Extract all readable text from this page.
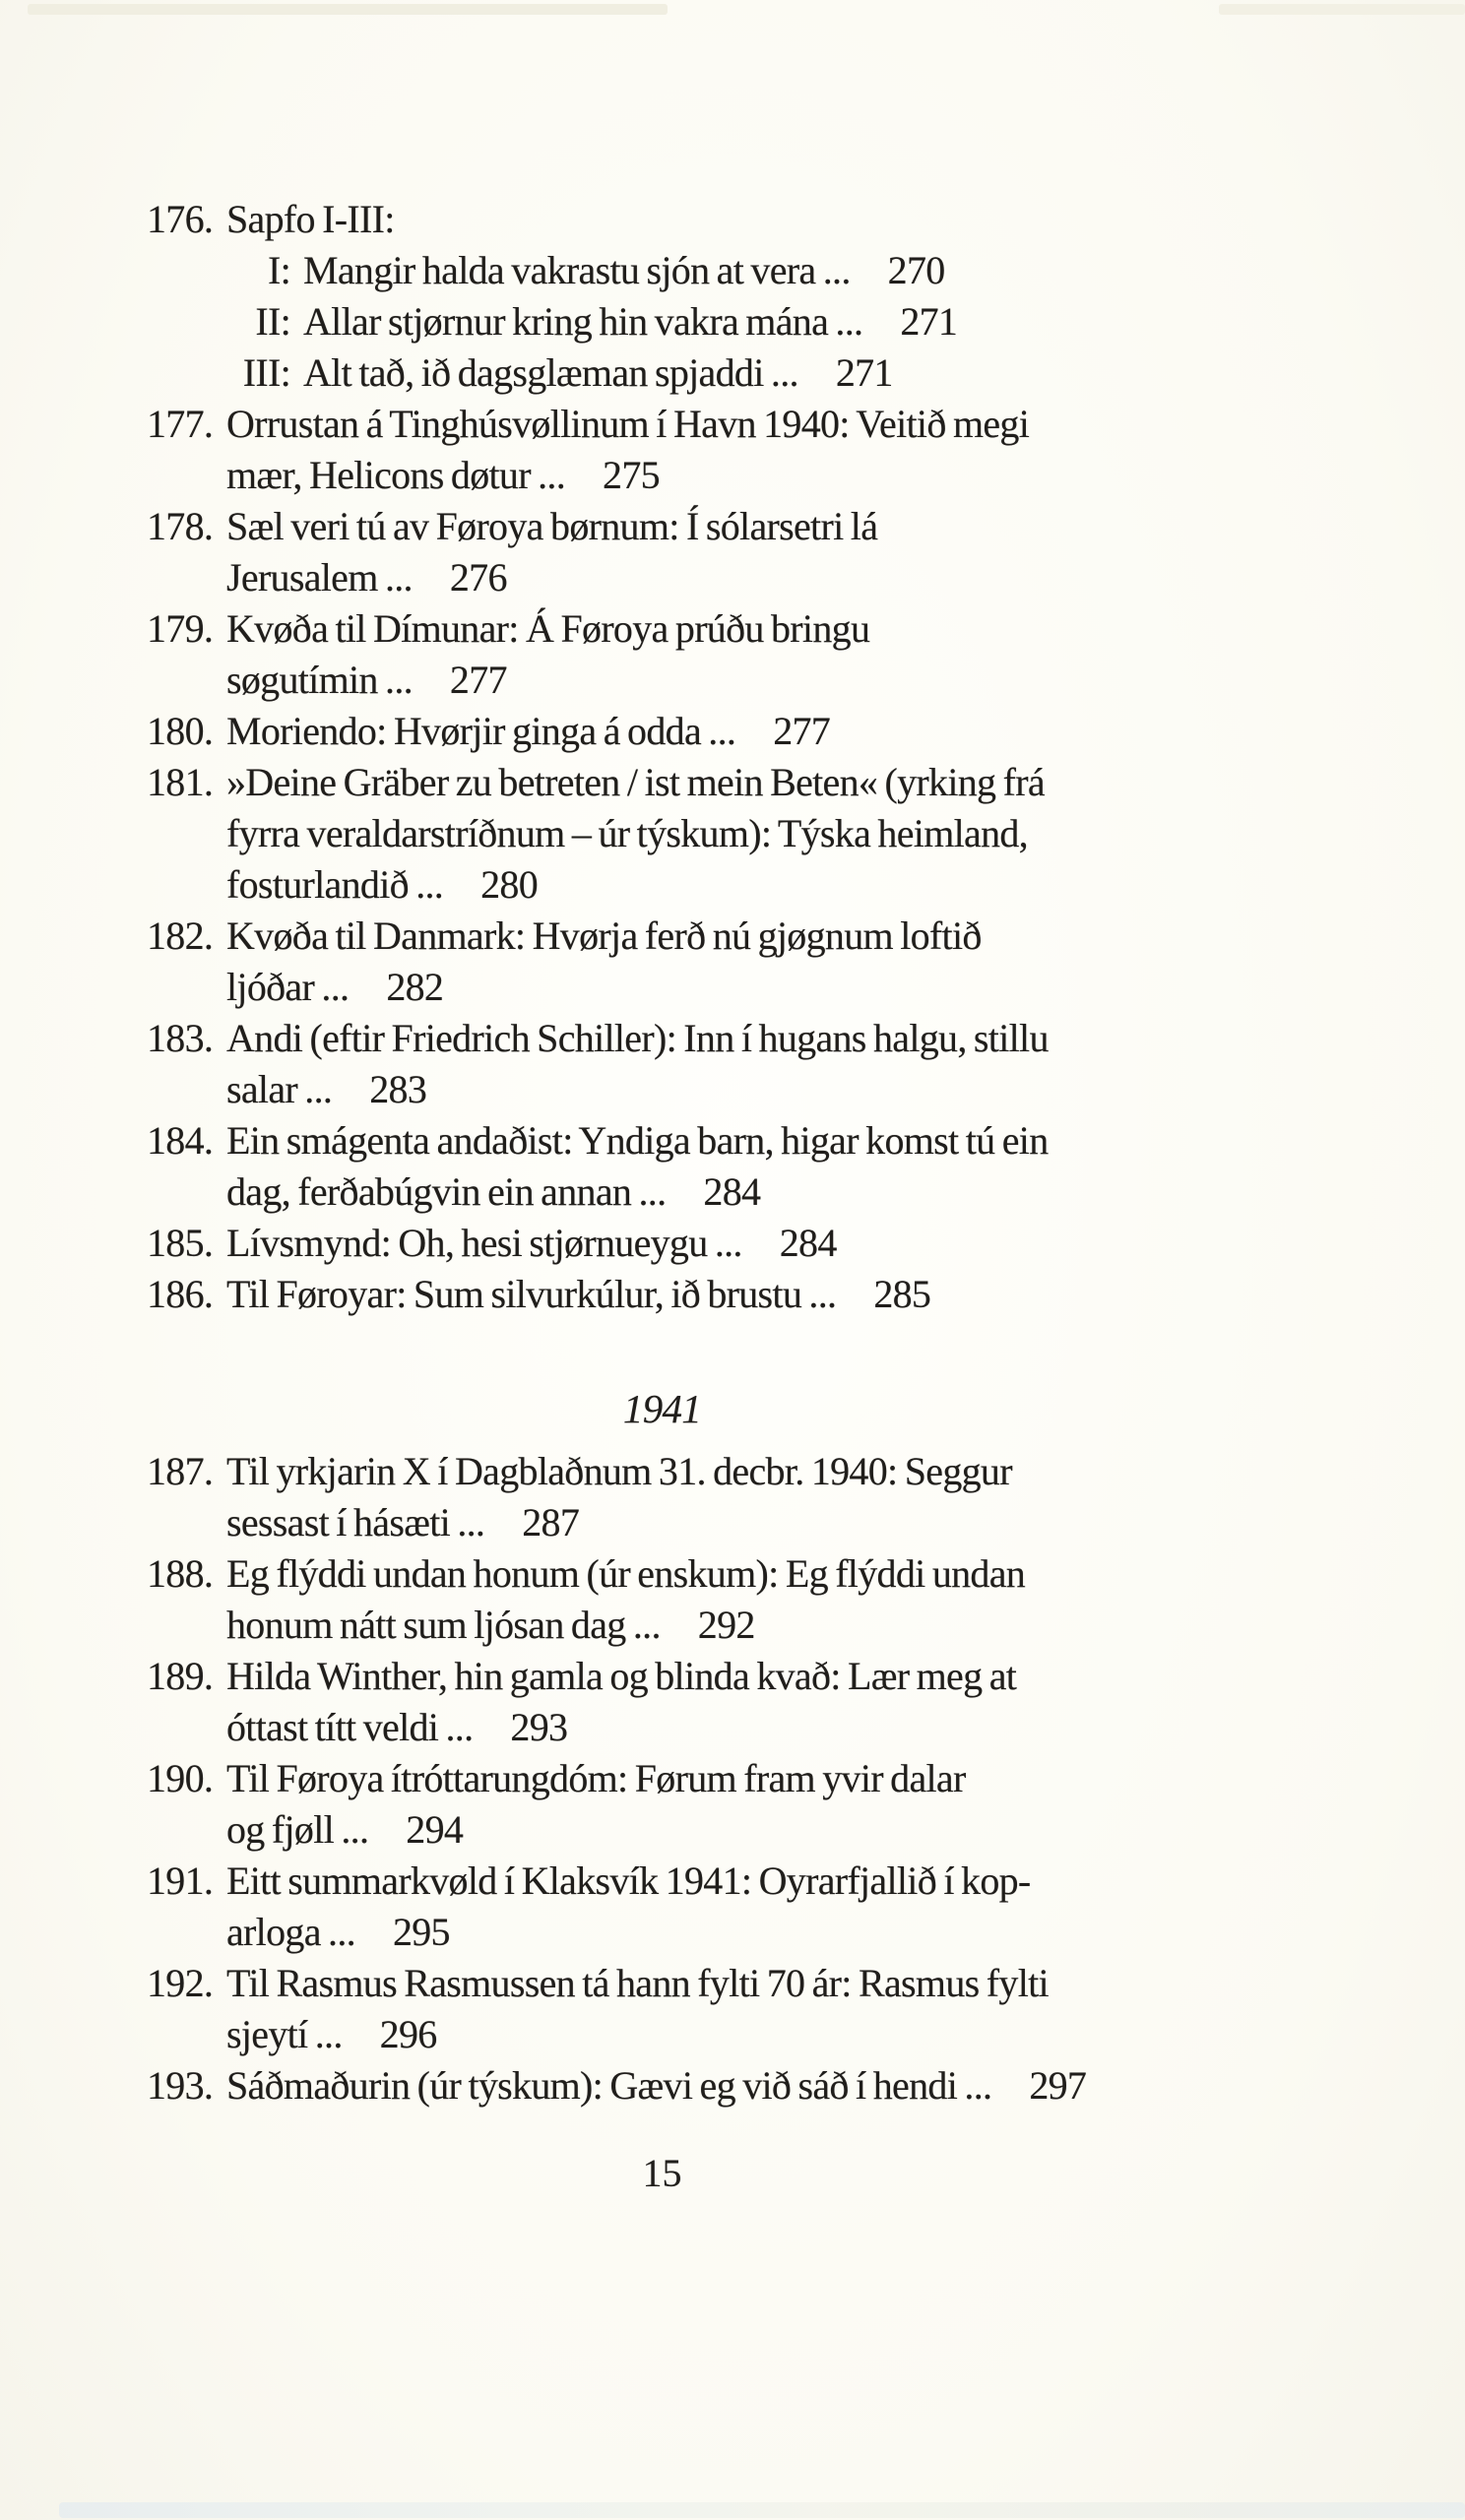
176. Sapfo I-III:
I: Mangir halda vakrastu sjón at vera ... 270
II: Allar stjørnur kring hin vakra mána ... 271
III: Alt tað, ið dagsglæman spjaddi ... 271
177. Orrustan á Tinghúsvøllinum í Havn 1940: Veitið megi
mær, Helicons døtur ... 275
178. Sæl veri tú av Føroya børnum: Í sólarsetri lá
Jerusalem ... 276
179. Kvøða til Dímunar: Á Føroya prúðu bringu
søgutímin ... 277
180. Moriendo: Hvørjir ginga á odda ... 277
181. »Deine Gräber zu betreten / ist mein Beten« (yrking frá
fyrra veraldarstríðnum – úr týskum): Týska heimland,
fosturlandið ... 280
182. Kvøða til Danmark: Hvørja ferð nú gjøgnum loftið
ljóðar ... 282
183. Andi (eftir Friedrich Schiller): Inn í hugans halgu, stillu
salar ... 283
184. Ein smágenta andaðist: Yndiga barn, higar komst tú ein
dag, ferðabúgvin ein annan ... 284
185. Lívsmynd: Oh, hesi stjørnueygu ... 284
186. Til Føroyar: Sum silvurkúlur, ið brustu ... 285
1941
187. Til yrkjarin X í Dagblaðnum 31. decbr. 1940: Seggur
sessast í hásæti ... 287
188. Eg flýddi undan honum (úr enskum): Eg flýddi undan
honum nátt sum ljósan dag ... 292
189. Hilda Winther, hin gamla og blinda kvað: Lær meg at
óttast títt veldi ... 293
190. Til Føroya ítróttarungdóm: Førum fram yvir dalar
og fjøll ... 294
191. Eitt summarkvøld í Klaksvík 1941: Oyrarfjallið í kop-
arloga ... 295
192. Til Rasmus Rasmussen tá hann fylti 70 ár: Rasmus fylti
sjeytí ... 296
193. Sáðmaðurin (úr týskum): Gævi eg við sáð í hendi ... 297
15
